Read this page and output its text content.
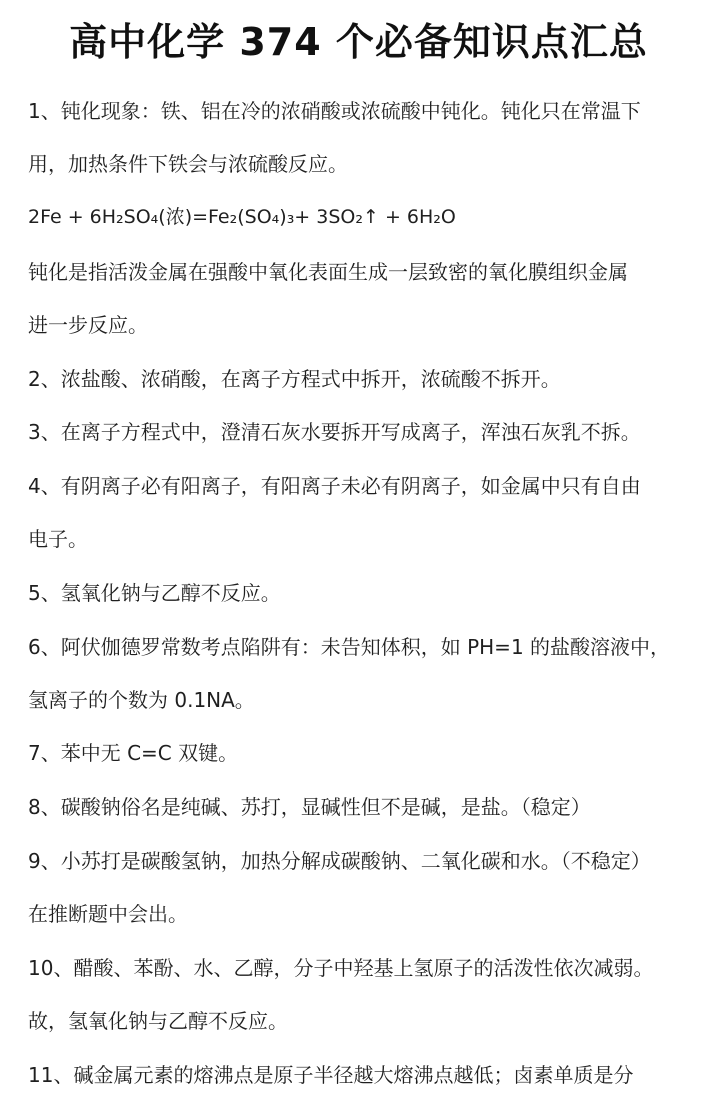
高中化学 374 个必备知识点汇总
1、钝化现象：铁、铝在冷的浓硝酸或浓硫酸中钝化。钝化只在常温下
用，加热条件下铁会与浓硫酸反应。
2Fe + 6H₂SO₄(浓)=Fe₂(SO₄)₃+ 3SO₂↑ + 6H₂O
钝化是指活泼金属在强酸中氧化表面生成一层致密的氧化膜组织金属
进一步反应。
2、浓盐酸、浓硝酸，在离子方程式中拆开，浓硫酸不拆开。
3、在离子方程式中，澄清石灰水要拆开写成离子，浑浊石灰乳不拆。
4、有阴离子必有阳离子，有阳离子未必有阴离子，如金属中只有自由
电子。
5、氢氧化钠与乙醇不反应。
6、阿伏伽德罗常数考点陷阱有：未告知体积，如 PH=1 的盐酸溶液中，
氢离子的个数为 0.1NA。
7、苯中无 C=C 双键。
8、碳酸钠俗名是纯碱、苏打，显碱性但不是碱，是盐。（稳定）
9、小苏打是碳酸氢钠，加热分解成碳酸钠、二氧化碳和水。（不稳定）
在推断题中会出。
10、醋酸、苯酚、水、乙醇，分子中羟基上氢原子的活泼性依次减弱。
故，氢氧化钠与乙醇不反应。
11、碱金属元素的熔沸点是原子半径越大熔沸点越低；卤素单质是分
